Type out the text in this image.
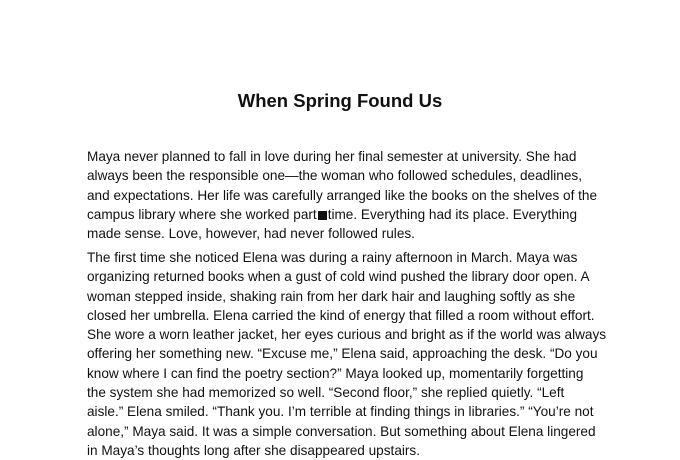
When Spring Found Us

Maya never planned to fall in love during her final semester at university. She had
always been the responsible one—the woman who followed schedules, deadlines,
and expectations. Her life was carefully arranged like the books on the shelves of the
campus library where she worked part time. Everything had its place. Everything
made sense. Love, however, had never followed rules.

The first time she noticed Elena was during a rainy afternoon in March. Maya was
organizing returned books when a gust of cold wind pushed the library door open. A
woman stepped inside, shaking rain from her dark hair and laughing softly as she
closed her umbrella. Elena carried the kind of energy that filled a room without effort.
She wore a worn leather jacket, her eyes curious and bright as if the world was always
offering her something new. “Excuse me,” Elena said, approaching the desk. “Do you
know where I can find the poetry section?” Maya looked up, momentarily forgetting
the system she had memorized so well. “Second floor,” she replied quietly. “Left
aisle.” Elena smiled. “Thank you. I’m terrible at finding things in libraries.” “You’re not
alone,” Maya said. It was a simple conversation. But something about Elena lingered
in Maya’s thoughts long after she disappeared upstairs.
